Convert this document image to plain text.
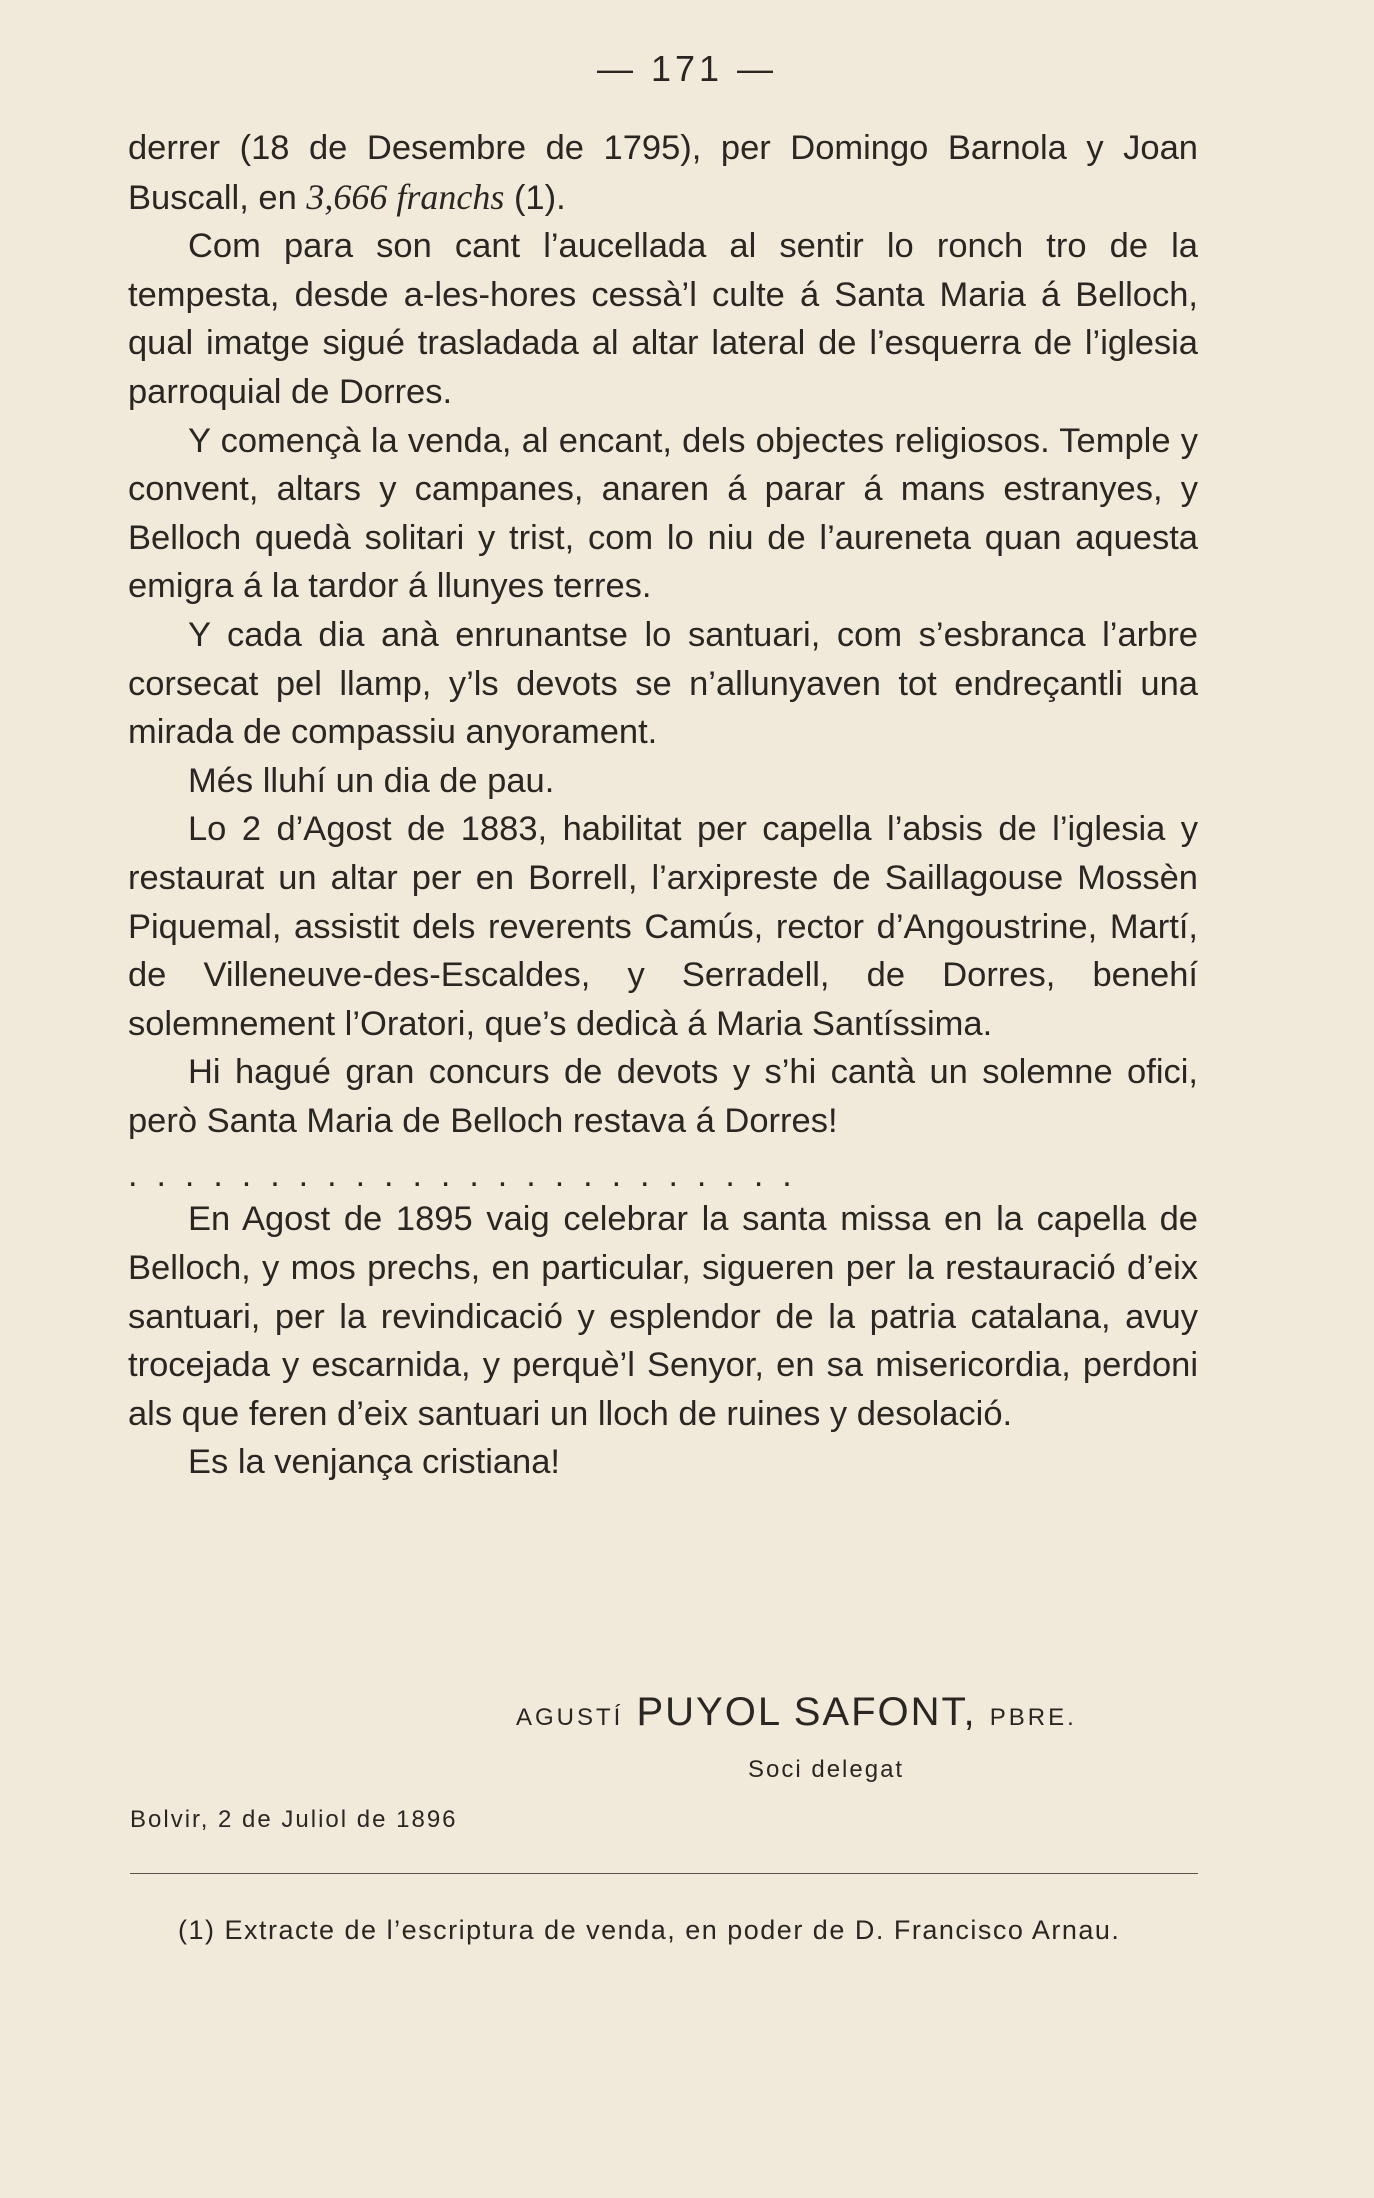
— 171 —

derrer (18 de Desembre de 1795), per Domingo Barnola y Joan Buscall, en 3,666 franchs (1).

Com para son cant l’aucellada al sentir lo ronch tro de la tempesta, desde a-les-hores cessà’l culte á Santa Maria á Belloch, qual imatge sigué trasladada al altar lateral de l’esquerra de l’iglesia parroquial de Dorres.

Y començà la venda, al encant, dels objectes religiosos. Temple y convent, altars y campanes, anaren á parar á mans estranyes, y Belloch quedà solitari y trist, com lo niu de l’aureneta quan aquesta emigra á la tardor á llunyes terres.

Y cada dia anà enrunantse lo santuari, com s’esbranca l’arbre corsecat pel llamp, y’ls devots se n’allunyaven tot endreçantli una mirada de compassiu anyorament.

Més lluhí un dia de pau.

Lo 2 d’Agost de 1883, habilitat per capella l’absis de l’iglesia y restaurat un altar per en Borrell, l’arxipreste de Saillagouse Mossèn Piquemal, assistit dels reverents Camús, rector d’Angoustrine, Martí, de Villeneuve-des-Escaldes, y Serradell, de Dorres, benehí solemnement l’Oratori, que’s dedicà á Maria Santíssima.

Hi hagué gran concurs de devots y s’hi cantà un solemne ofici, però Santa Maria de Belloch restava á Dorres!

........................

En Agost de 1895 vaig celebrar la santa missa en la capella de Belloch, y mos prechs, en particular, sigueren per la restauració d’eix santuari, per la revindicació y esplendor de la patria catalana, avuy trocejada y escarnida, y perquè’l Senyor, en sa misericordia, perdoni als que feren d’eix santuari un lloch de ruines y desolació.

Es la venjança cristiana!

AGUSTÍ PUYOL SAFONT, PBRE.
Soci delegat
Bolvir, 2 de Juliol de 1896

(1) Extracte de l’escriptura de venda, en poder de D. Francisco Arnau.
